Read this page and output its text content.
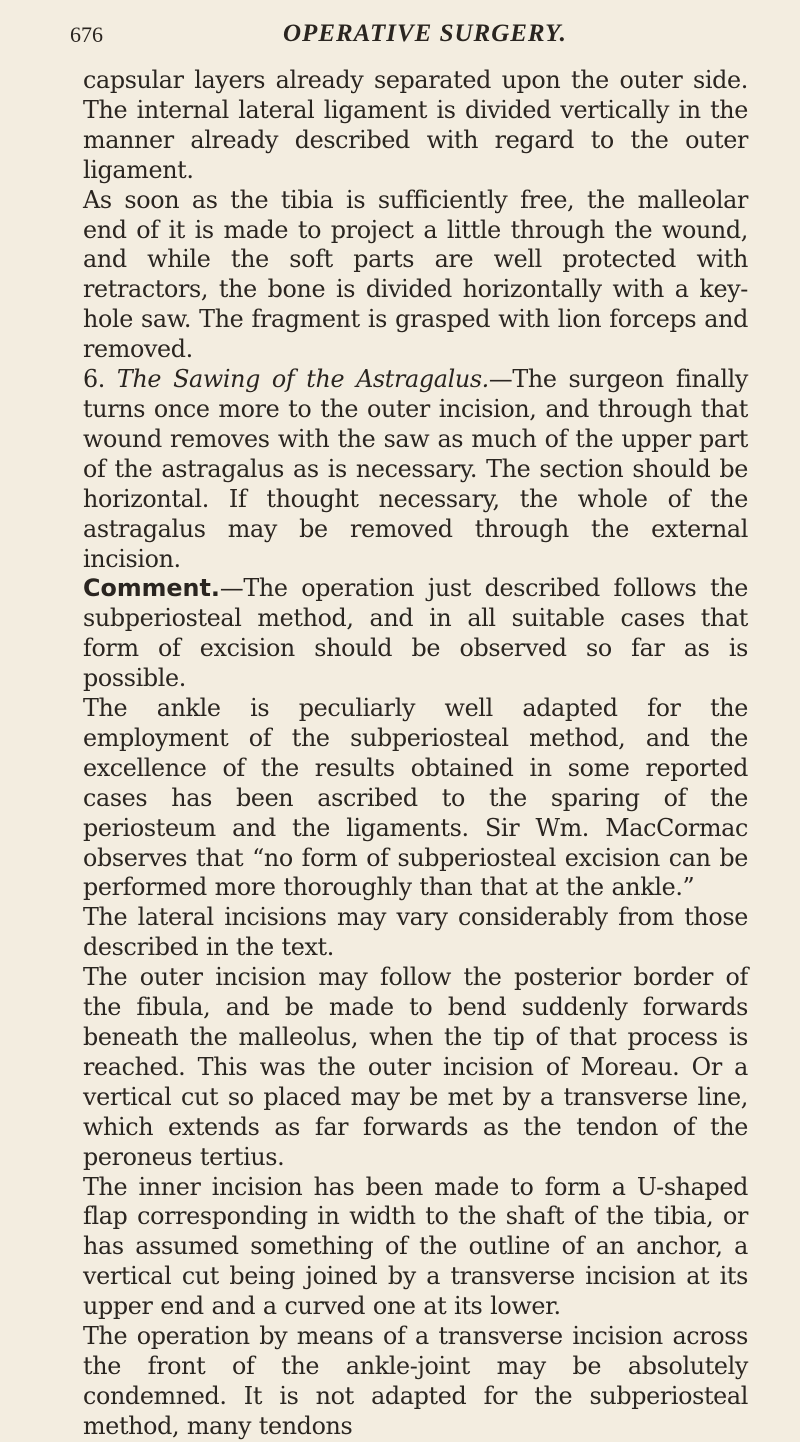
676	OPERATIVE SURGERY.

capsular layers already separated upon the outer side. The internal lateral ligament is divided vertically in the manner already described with regard to the outer ligament.

As soon as the tibia is sufficiently free, the malleolar end of it is made to project a little through the wound, and while the soft parts are well protected with retractors, the bone is divided horizontally with a key-hole saw. The fragment is grasped with lion forceps and removed.

6. The Sawing of the Astragalus.—The surgeon finally turns once more to the outer incision, and through that wound removes with the saw as much of the upper part of the astragalus as is necessary. The section should be horizontal. If thought necessary, the whole of the astragalus may be removed through the external incision.

Comment.—The operation just described follows the subperiosteal method, and in all suitable cases that form of excision should be observed so far as is possible.

The ankle is peculiarly well adapted for the employment of the subperiosteal method, and the excellence of the results obtained in some reported cases has been ascribed to the sparing of the periosteum and the ligaments. Sir Wm. MacCormac observes that “no form of subperiosteal excision can be performed more thoroughly than that at the ankle.”

The lateral incisions may vary considerably from those described in the text.

The outer incision may follow the posterior border of the fibula, and be made to bend suddenly forwards beneath the malleolus, when the tip of that process is reached. This was the outer incision of Moreau. Or a vertical cut so placed may be met by a transverse line, which extends as far forwards as the tendon of the peroneus tertius.

The inner incision has been made to form a U-shaped flap corresponding in width to the shaft of the tibia, or has assumed something of the outline of an anchor, a vertical cut being joined by a transverse incision at its upper end and a curved one at its lower.

The operation by means of a transverse incision across the front of the ankle-joint may be absolutely condemned. It is not adapted for the subperiosteal method, many tendons
